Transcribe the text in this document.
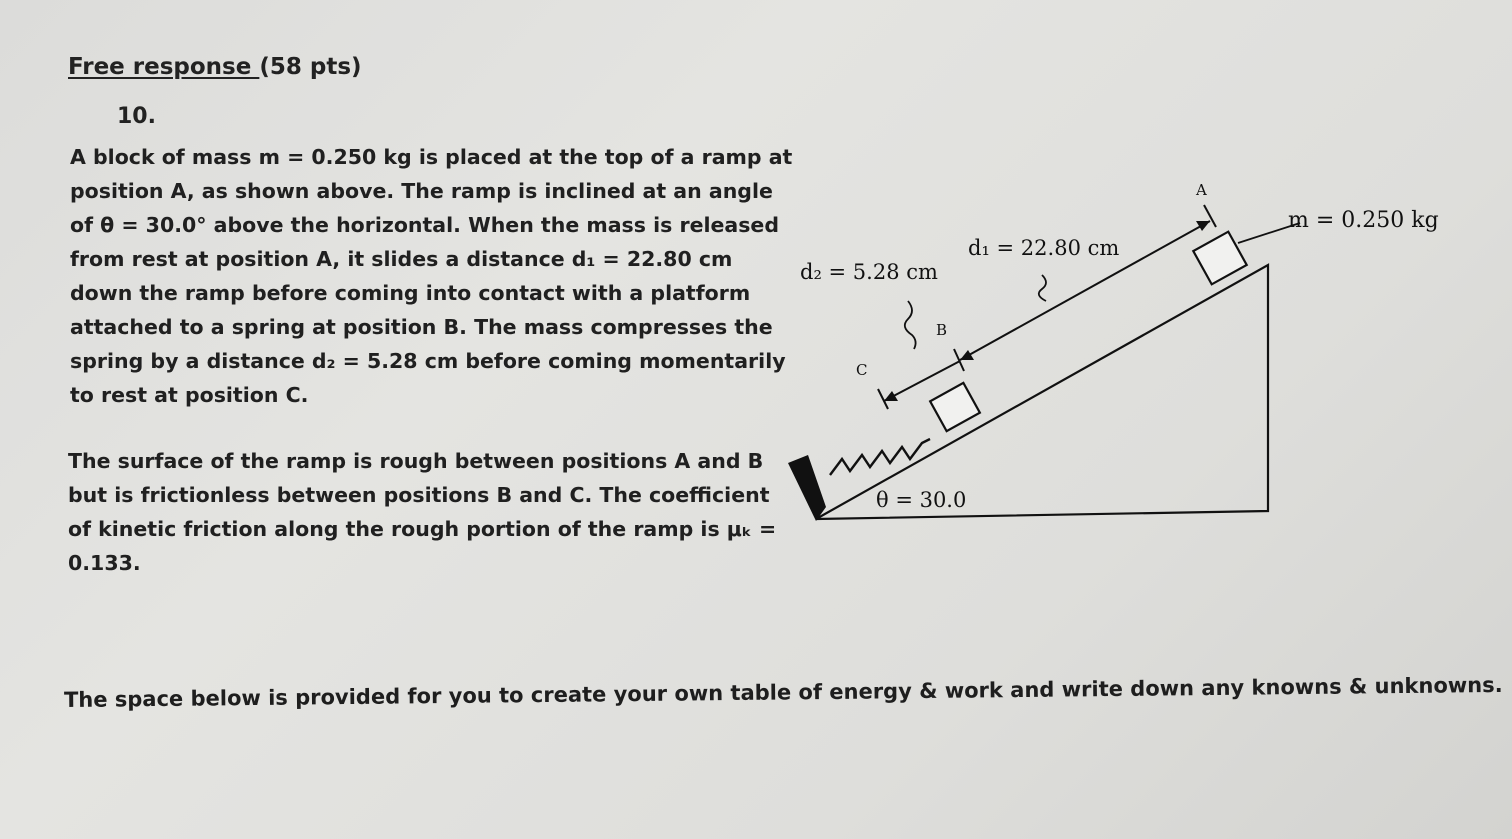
Free response (58 pts)
10.
A block of mass m = 0.250 kg is placed at the top of a ramp at
position A, as shown above. The ramp is inclined at an angle
of θ = 30.0° above the horizontal. When the mass is released
from rest at position A, it slides a distance d₁ = 22.80 cm
down the ramp before coming into contact with a platform
attached to a spring at position B. The mass compresses the
spring by a distance d₂ = 5.28 cm before coming momentarily
to rest at position C.
The surface of the ramp is rough between positions A and B
but is frictionless between positions B and C. The coefficient
of kinetic friction along the rough portion of the ramp is μₖ =
0.133.
A
B
C
d₁ = 22.80 cm
d₂ = 5.28 cm
m = 0.250 kg
θ = 30.0
The space below is provided for you to create your own table of energy & work and write down any knowns & unknowns.
